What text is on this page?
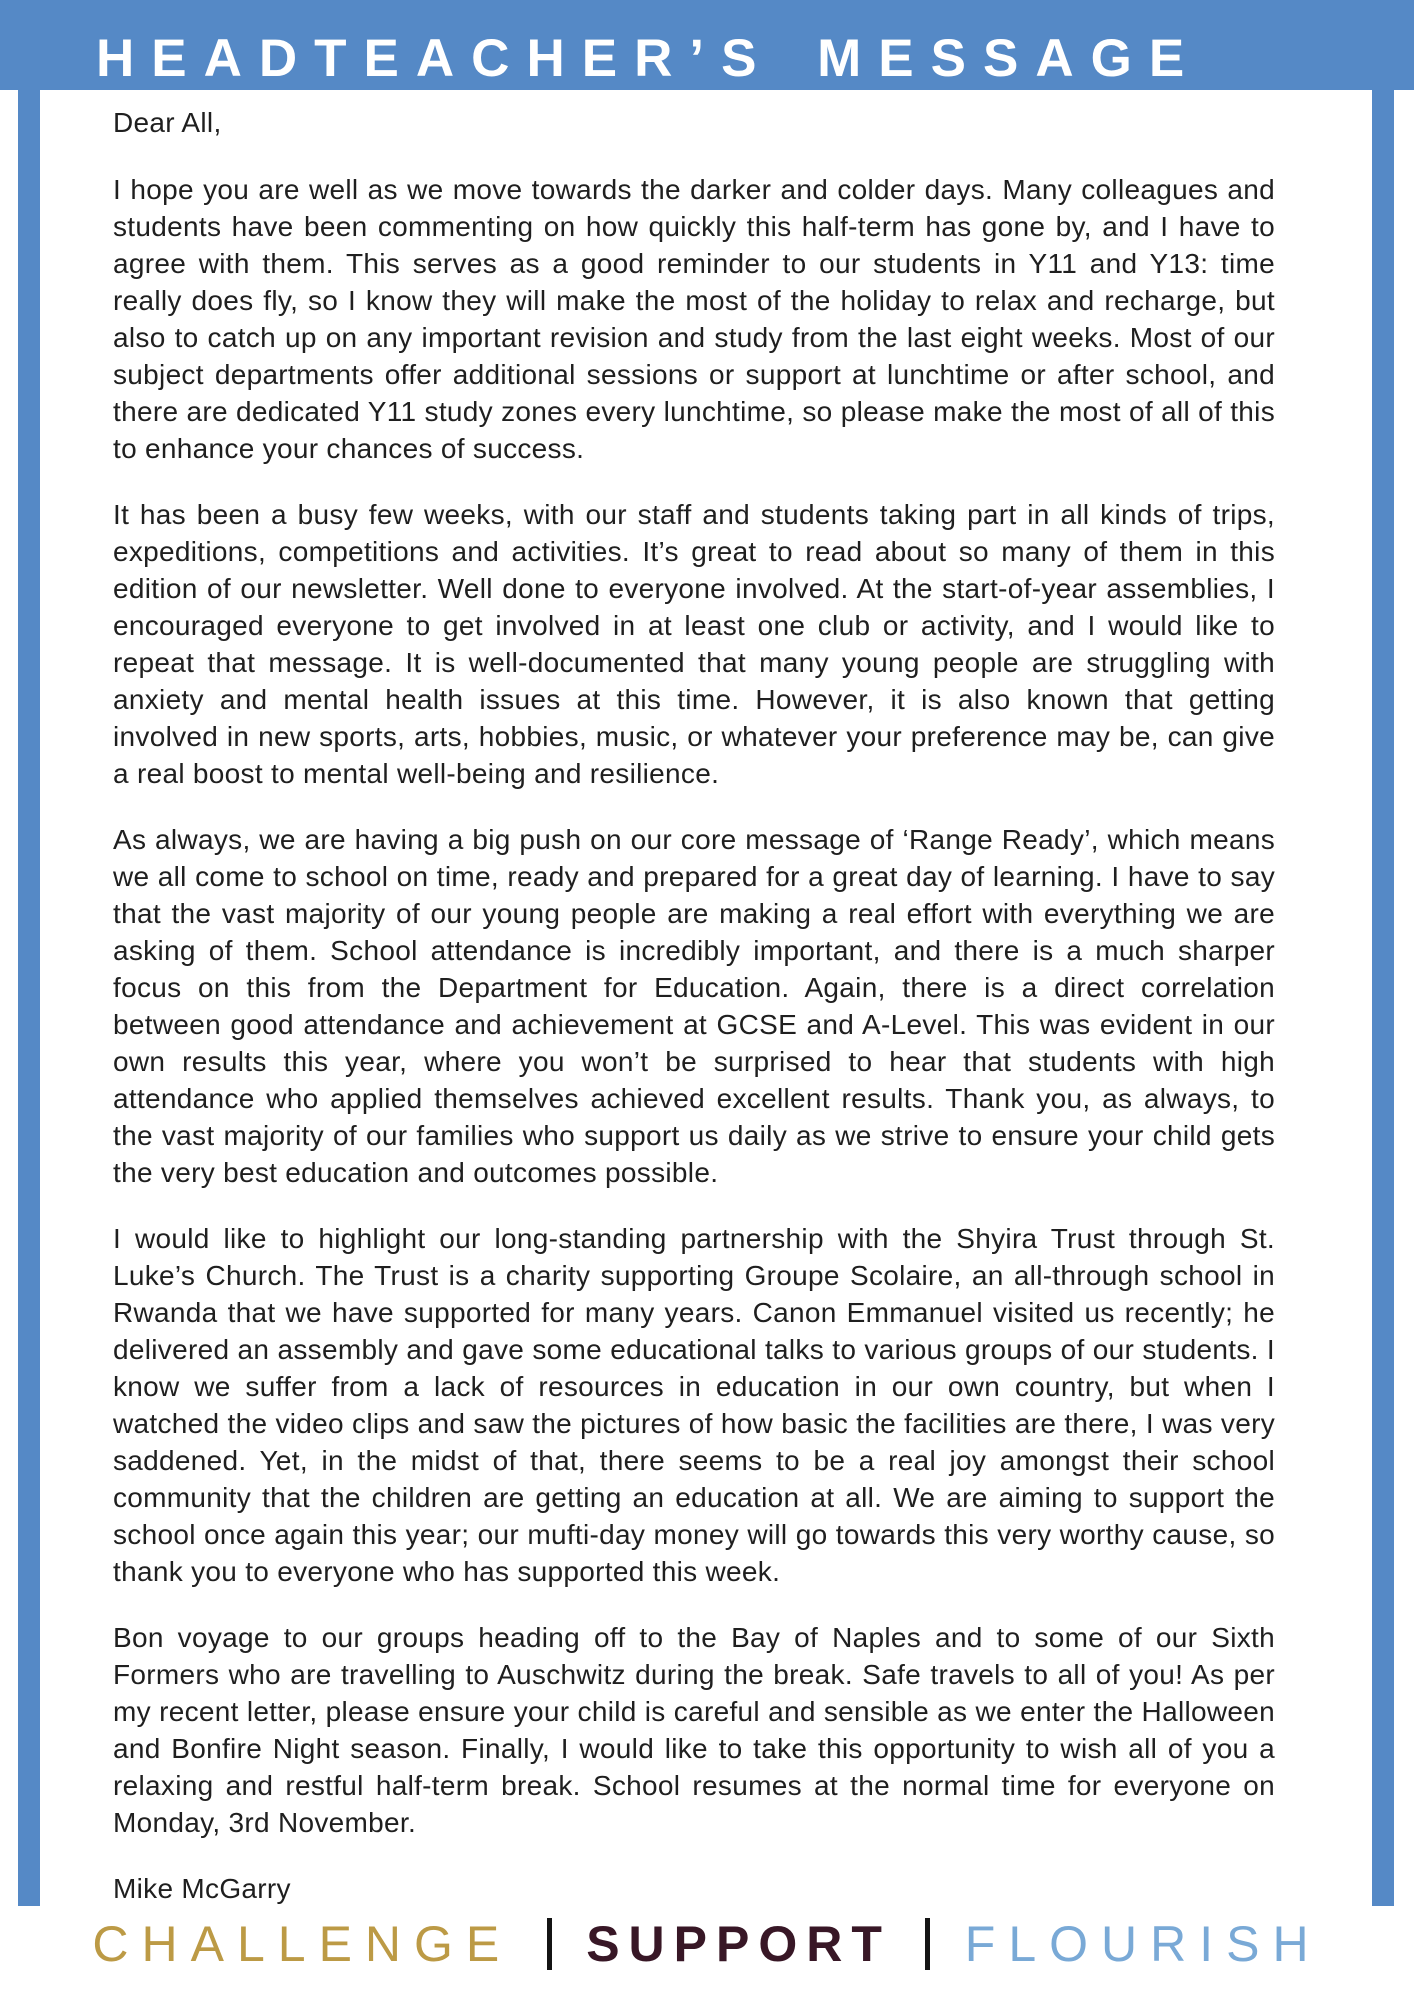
HEADTEACHER’S MESSAGE

Dear All,

I hope you are well as we move towards the darker and colder days. Many colleagues and students have been commenting on how quickly this half-term has gone by, and I have to agree with them. This serves as a good reminder to our students in Y11 and Y13: time really does fly, so I know they will make the most of the holiday to relax and recharge, but also to catch up on any important revision and study from the last eight weeks. Most of our subject departments offer additional sessions or support at lunchtime or after school, and there are dedicated Y11 study zones every lunchtime, so please make the most of all of this to enhance your chances of success.

It has been a busy few weeks, with our staff and students taking part in all kinds of trips, expeditions, competitions and activities. It’s great to read about so many of them in this edition of our newsletter. Well done to everyone involved. At the start-of-year assemblies, I encouraged everyone to get involved in at least one club or activity, and I would like to repeat that message. It is well-documented that many young people are struggling with anxiety and mental health issues at this time. However, it is also known that getting involved in new sports, arts, hobbies, music, or whatever your preference may be, can give a real boost to mental well-being and resilience.

As always, we are having a big push on our core message of ‘Range Ready’, which means we all come to school on time, ready and prepared for a great day of learning. I have to say that the vast majority of our young people are making a real effort with everything we are asking of them. School attendance is incredibly important, and there is a much sharper focus on this from the Department for Education. Again, there is a direct correlation between good attendance and achievement at GCSE and A-Level. This was evident in our own results this year, where you won’t be surprised to hear that students with high attendance who applied themselves achieved excellent results. Thank you, as always, to the vast majority of our families who support us daily as we strive to ensure your child gets the very best education and outcomes possible.

I would like to highlight our long-standing partnership with the Shyira Trust through St. Luke’s Church. The Trust is a charity supporting Groupe Scolaire, an all-through school in Rwanda that we have supported for many years. Canon Emmanuel visited us recently; he delivered an assembly and gave some educational talks to various groups of our students. I know we suffer from a lack of resources in education in our own country, but when I watched the video clips and saw the pictures of how basic the facilities are there, I was very saddened. Yet, in the midst of that, there seems to be a real joy amongst their school community that the children are getting an education at all. We are aiming to support the school once again this year; our mufti-day money will go towards this very worthy cause, so thank you to everyone who has supported this week.

Bon voyage to our groups heading off to the Bay of Naples and to some of our Sixth Formers who are travelling to Auschwitz during the break. Safe travels to all of you! As per my recent letter, please ensure your child is careful and sensible as we enter the Halloween and Bonfire Night season. Finally, I would like to take this opportunity to wish all of you a relaxing and restful half-term break. School resumes at the normal time for everyone on Monday, 3rd November.

Mike McGarry
CHALLENGE SUPPORT FLOURISH
